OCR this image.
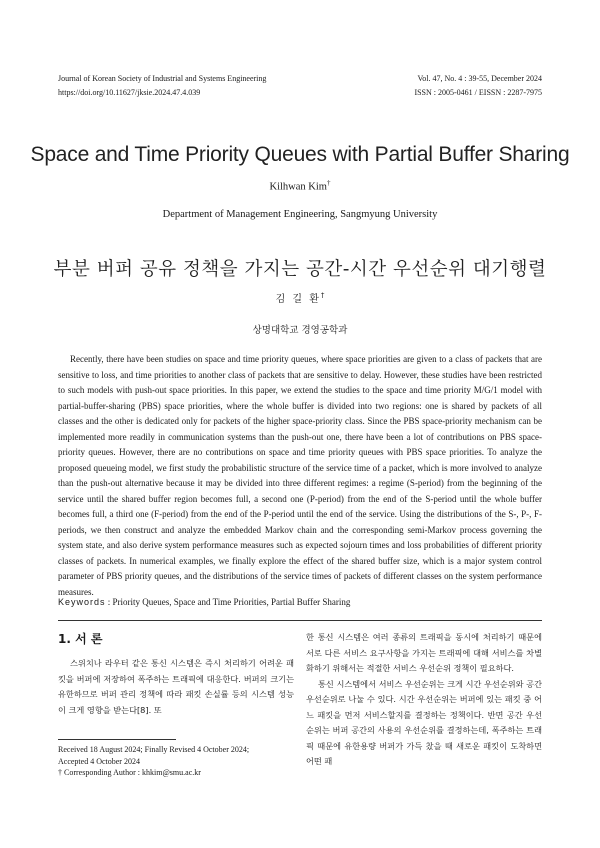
Journal of Korean Society of Industrial and Systems Engineering
https://doi.org/10.11627/jksie.2024.47.4.039
Vol. 47, No. 4 : 39-55, December 2024
ISSN : 2005-0461 / EISSN : 2287-7975
Space and Time Priority Queues with Partial Buffer Sharing
Kilhwan Kim†
Department of Management Engineering, Sangmyung University
부분 버퍼 공유 정책을 가지는 공간-시간 우선순위 대기행렬
김 길 환†
상명대학교 경영공학과

Recently, there have been studies on space and time priority queues, where space priorities are given to a class of packets that are sensitive to loss, and time priorities to another class of packets that are sensitive to delay. However, these studies have been restricted to such models with push-out space priorities. In this paper, we extend the studies to the space and time priority M/G/1 model with partial-buffer-sharing (PBS) space priorities, where the whole buffer is divided into two regions: one is shared by packets of all classes and the other is dedicated only for packets of the higher space-priority class. Since the PBS space-priority mechanism can be implemented more readily in communication systems than the push-out one, there have been a lot of contributions on PBS space-priority queues. However, there are no contributions on space and time priority queues with PBS space priorities. To analyze the proposed queueing model, we first study the probabilistic structure of the service time of a packet, which is more involved to analyze than the push-out alternative because it may be divided into three different regimes: a regime (S-period) from the beginning of the service until the shared buffer region becomes full, a second one (P-period) from the end of the S-period until the whole buffer becomes full, a third one (F-period) from the end of the P-period until the end of the service. Using the distributions of the S-, P-, F-periods, we then construct and analyze the embedded Markov chain and the corresponding semi-Markov process governing the system state, and also derive system performance measures such as expected sojourn times and loss probabilities of different priority classes of packets. In numerical examples, we finally explore the effect of the shared buffer size, which is a major system control parameter of PBS priority queues, and the distributions of the service times of packets of different classes on the system performance measures.

Keywords : Priority Queues, Space and Time Priorities, Partial Buffer Sharing
1. 서 론

스위치나 라우터 같은 통신 시스템은 즉시 처리하기 어려운 패킷을 버퍼에 저장하여 폭주하는 트래픽에 대응한다. 버퍼의 크기는 유한하므로 버퍼 관리 정책에 따라 패킷 손실률 등의 시스템 성능이 크게 영향을 받는다[8]. 또

한 통신 시스템은 여러 종류의 트래픽을 동시에 처리하기 때문에 서로 다른 서비스 요구사항을 가지는 트래픽에 대해 서비스를 차별화하기 위해서는 적절한 서비스 우선순위 정책이 필요하다.

통신 시스템에서 서비스 우선순위는 크게 시간 우선순위와 공간 우선순위로 나눌 수 있다. 시간 우선순위는 버퍼에 있는 패킷 중 어느 패킷을 먼저 서비스할지를 결정하는 정책이다. 반면 공간 우선순위는 버퍼 공간의 사용의 우선순위를 결정하는데, 폭주하는 트래픽 때문에 유한용량 버퍼가 가득 찼을 때 새로운 패킷이 도착하면 어떤 패

Received 18 August 2024; Finally Revised 4 October 2024;
Accepted 4 October 2024
† Corresponding Author : khkim@smu.ac.kr
